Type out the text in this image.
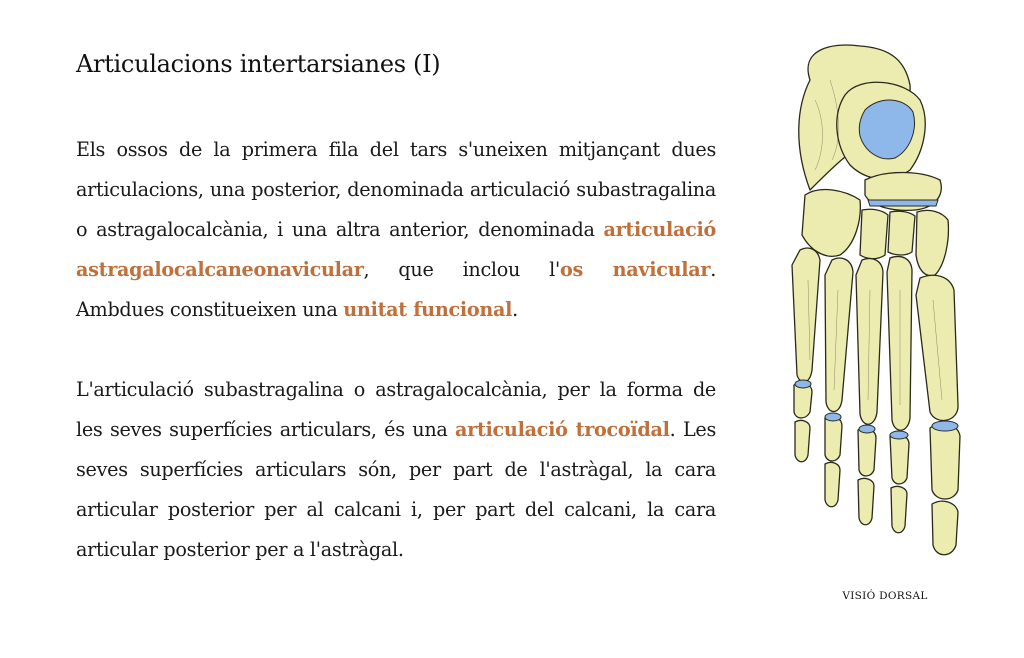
Articulacions intertarsianes (I)

Els ossos de la primera fila del tars s'uneixen mitjançant dues articulacions, una posterior, denominada articulació subastragalina o astragalocalcània, i una altra anterior, denominada articulació astragalocalcaneonavicular, que inclou l'os navicular. Ambdues constitueixen una unitat funcional.

L'articulació subastragalina o astragalocalcània, per la forma de les seves superfícies articulars, és una articulació trocoïdal. Les seves superfícies articulars són, per part de l'astràgal, la cara articular posterior per al calcani i, per part del calcani, la cara articular posterior per a l'astràgal.

VISIÓ DORSAL
